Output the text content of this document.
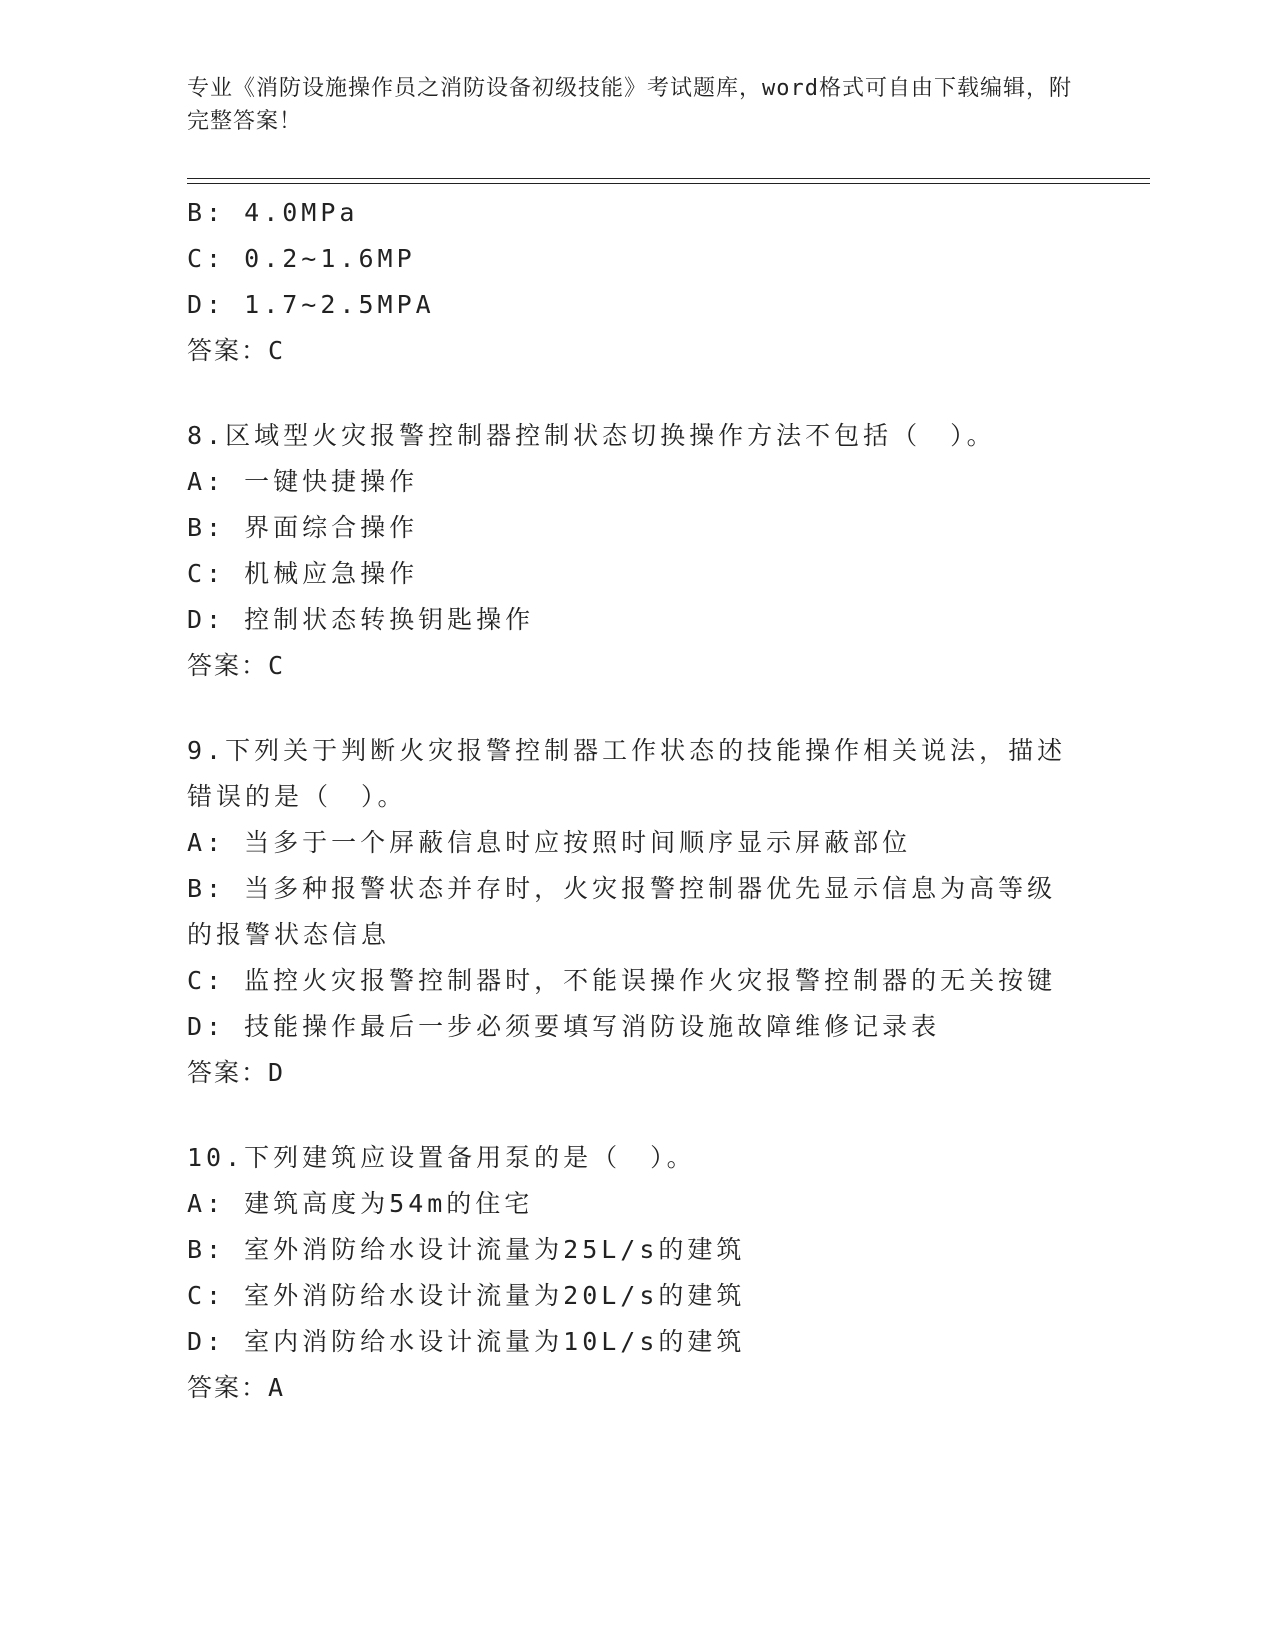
专业《消防设施操作员之消防设备初级技能》考试题库，word格式可自由下载编辑，附完整答案！
B: 4.0MPa
C: 0.2~1.6MP
D: 1.7~2.5MPA
答案：C
8.区域型火灾报警控制器控制状态切换操作方法不包括（　）。
A: 一键快捷操作
B: 界面综合操作
C: 机械应急操作
D: 控制状态转换钥匙操作
答案：C
9.下列关于判断火灾报警控制器工作状态的技能操作相关说法，描述错误的是（　）。
A: 当多于一个屏蔽信息时应按照时间顺序显示屏蔽部位
B: 当多种报警状态并存时，火灾报警控制器优先显示信息为高等级的报警状态信息
C: 监控火灾报警控制器时，不能误操作火灾报警控制器的无关按键
D: 技能操作最后一步必须要填写消防设施故障维修记录表
答案：D
10.下列建筑应设置备用泵的是（　）。
A: 建筑高度为54m的住宅
B: 室外消防给水设计流量为25L/s的建筑
C: 室外消防给水设计流量为20L/s的建筑
D: 室内消防给水设计流量为10L/s的建筑
答案：A
